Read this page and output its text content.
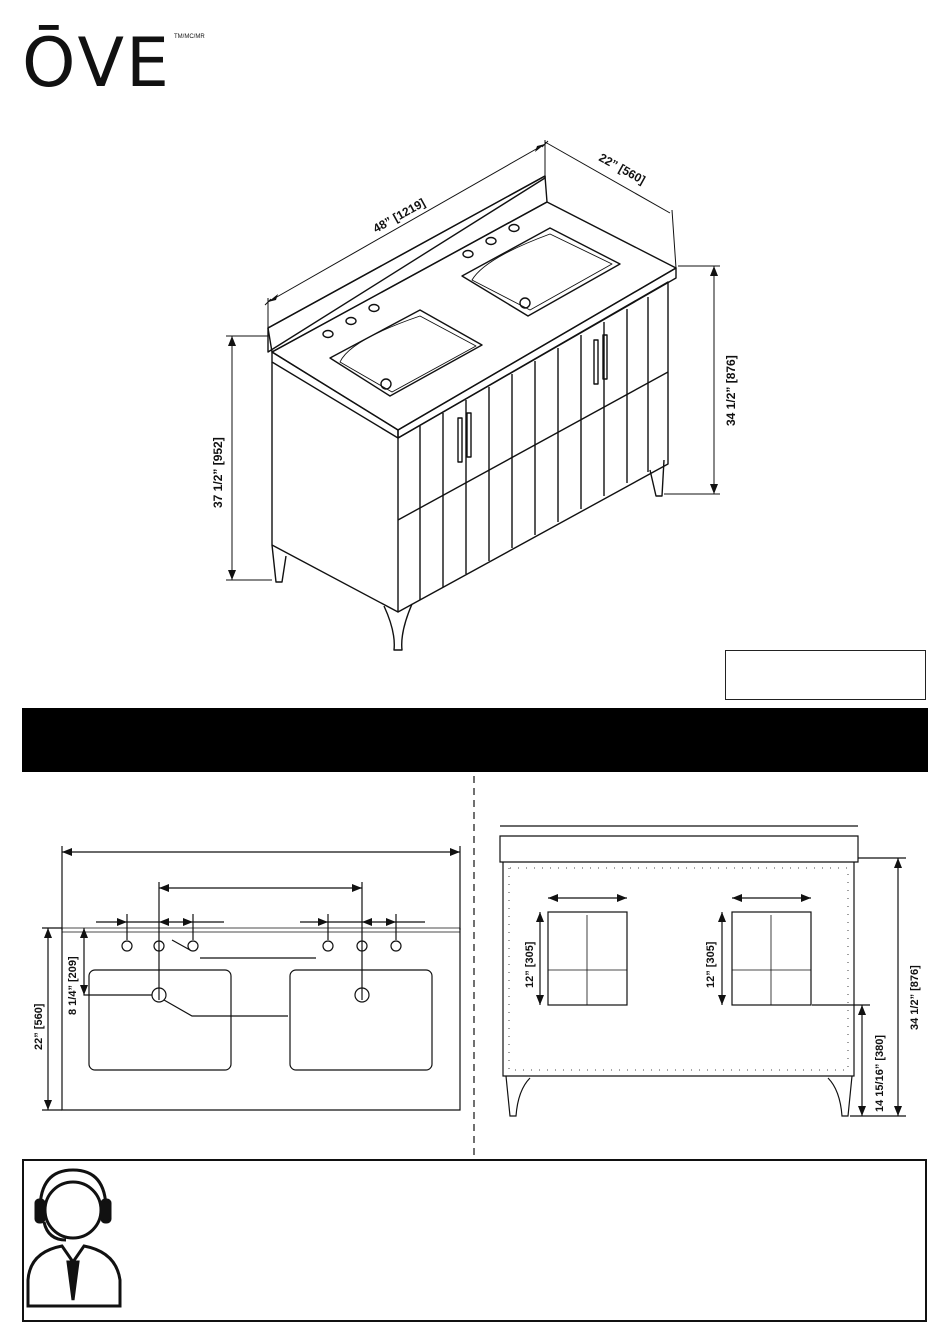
ŌVE TM/MC/MR
48” [1219]
22” [560]
37 1/2” [952]
34 1/2” [876]
22” [560]
8 1/4” [209]	12” [305]	12” [305]
14 15/16” [380]
34 1/2” [876]
